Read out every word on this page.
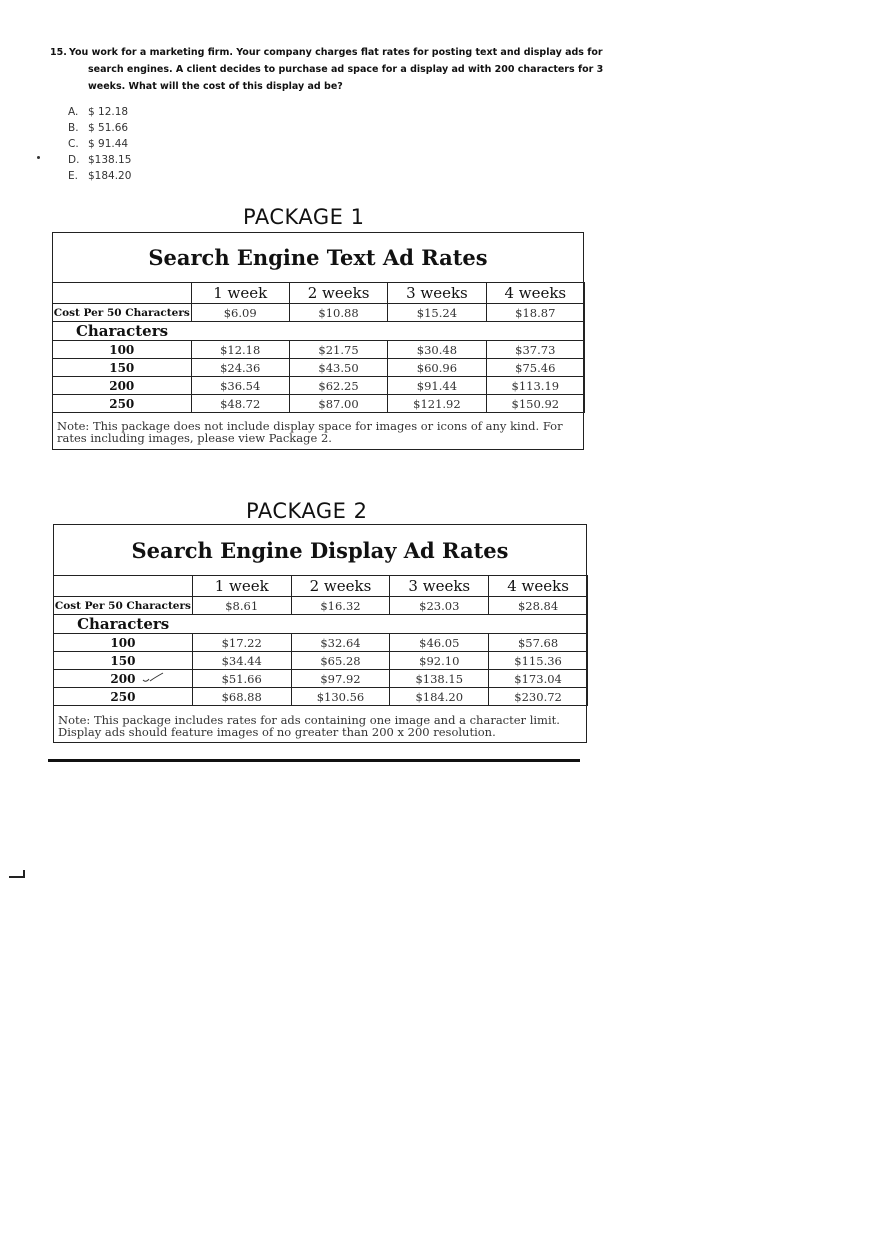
15. You work for a marketing firm. Your company charges flat rates for posting text and display ads for search engines. A client decides to purchase ad space for a display ad with 200 characters for 3 weeks. What will the cost of this display ad be?
A. $ 12.18
B. $ 51.66
C. $ 91.44
D. $138.15
E. $184.20
PACKAGE 1
Search Engine Text Ad Rates
	1 week	2 weeks	3 weeks	4 weeks
Cost Per 50 Characters	$6.09	$10.88	$15.24	$18.87
Characters				
100	$12.18	$21.75	$30.48	$37.73
150	$24.36	$43.50	$60.96	$75.46
200	$36.54	$62.25	$91.44	$113.19
250	$48.72	$87.00	$121.92	$150.92
Note: This package does not include display space for images or icons of any kind. For rates including images, please view Package 2.
PACKAGE 2
Search Engine Display Ad Rates
	1 week	2 weeks	3 weeks	4 weeks
Cost Per 50 Characters	$8.61	$16.32	$23.03	$28.84
Characters				
100	$17.22	$32.64	$46.05	$57.68
150	$34.44	$65.28	$92.10	$115.36
200	$51.66	$97.92	$138.15	$173.04
250	$68.88	$130.56	$184.20	$230.72
Note: This package includes rates for ads containing one image and a character limit. Display ads should feature images of no greater than 200 x 200 resolution.
